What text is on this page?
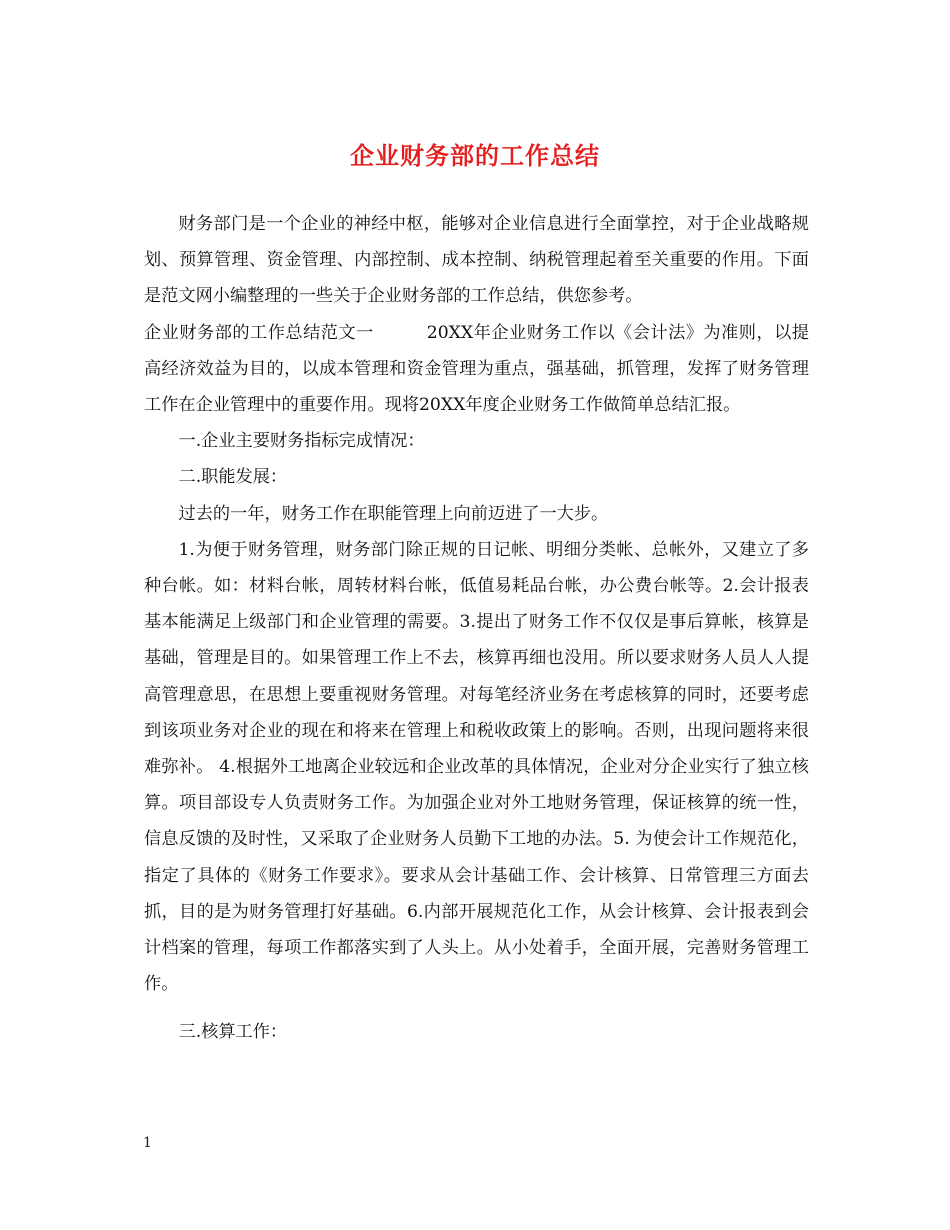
企业财务部的工作总结

财务部门是一个企业的神经中枢，能够对企业信息进行全面掌控，对于企业战略规划、预算管理、资金管理、内部控制、成本控制、纳税管理起着至关重要的作用。下面是范文网小编整理的一些关于企业财务部的工作总结，供您参考。

企业财务部的工作总结范文一　　　20XX年企业财务工作以《会计法》为准则，以提高经济效益为目的，以成本管理和资金管理为重点，强基础，抓管理，发挥了财务管理工作在企业管理中的重要作用。现将20XX年度企业财务工作做简单总结汇报。

一.企业主要财务指标完成情况：

二.职能发展：

过去的一年，财务工作在职能管理上向前迈进了一大步。

1.为便于财务管理，财务部门除正规的日记帐、明细分类帐、总帐外，又建立了多种台帐。如：材料台帐，周转材料台帐，低值易耗品台帐，办公费台帐等。2.会计报表基本能满足上级部门和企业管理的需要。3.提出了财务工作不仅仅是事后算帐，核算是基础，管理是目的。如果管理工作上不去，核算再细也没用。所以要求财务人员人人提高管理意思，在思想上要重视财务管理。对每笔经济业务在考虑核算的同时，还要考虑到该项业务对企业的现在和将来在管理上和税收政策上的影响。否则，出现问题将来很难弥补。 4.根据外工地离企业较远和企业改革的具体情况，企业对分企业实行了独立核算。项目部设专人负责财务工作。为加强企业对外工地财务管理，保证核算的统一性，信息反馈的及时性，又采取了企业财务人员勤下工地的办法。5. 为使会计工作规范化，指定了具体的《财务工作要求》。要求从会计基础工作、会计核算、日常管理三方面去抓，目的是为财务管理打好基础。6.内部开展规范化工作，从会计核算、会计报表到会计档案的管理，每项工作都落实到了人头上。从小处着手，全面开展，完善财务管理工作。

三.核算工作：

1
